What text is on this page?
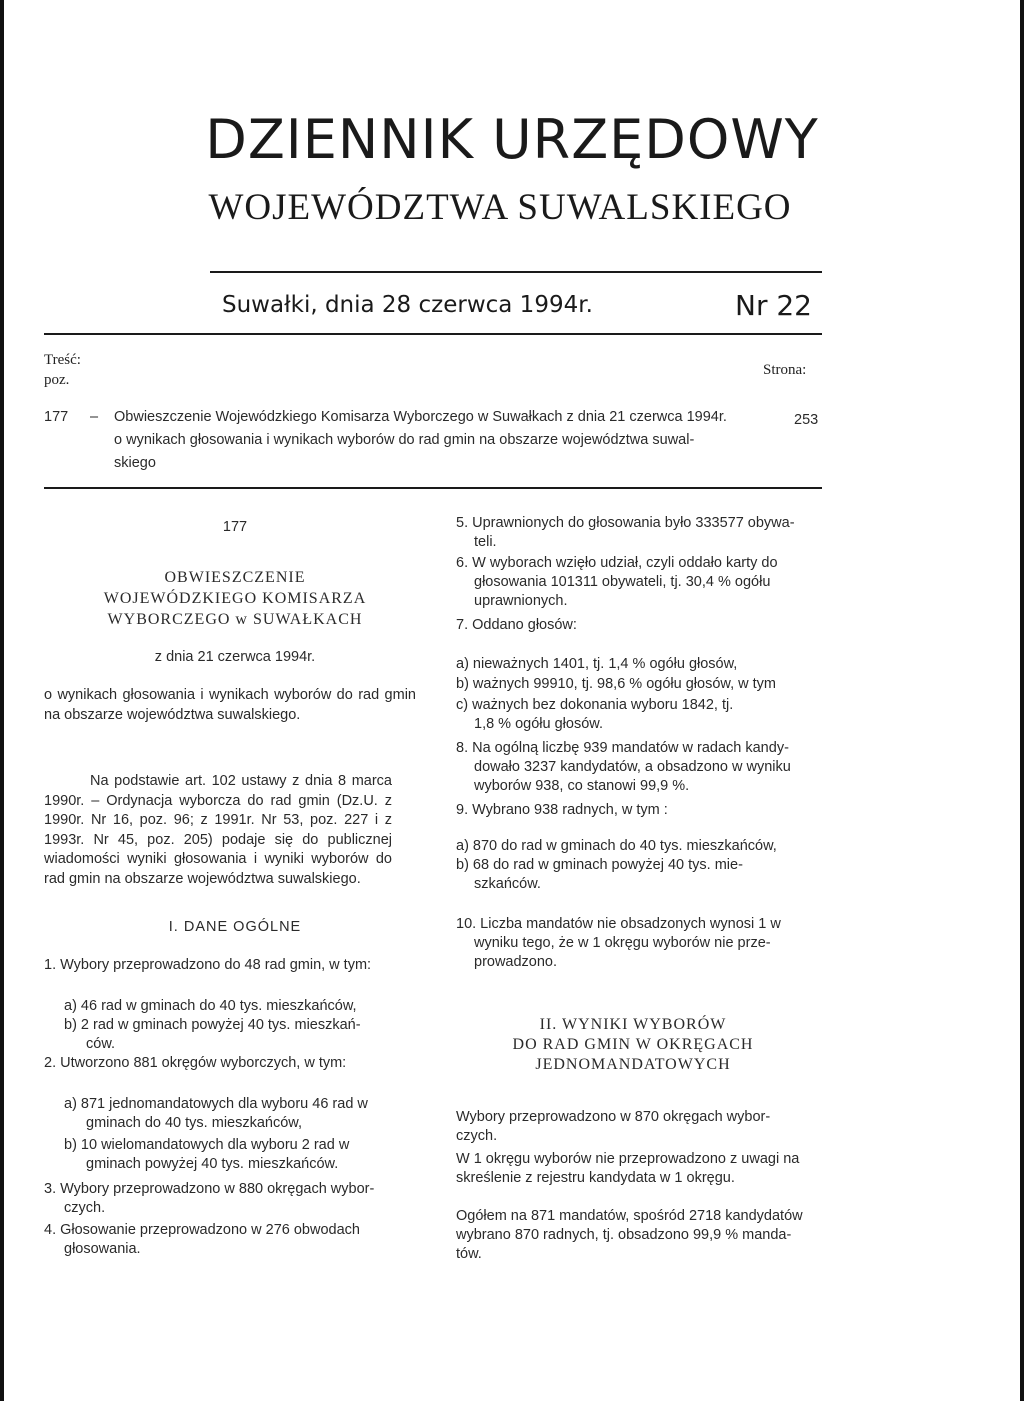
DZIENNIK URZĘDOWY
WOJEWÓDZTWA SUWALSKIEGO
Suwałki, dnia 28 czerwca 1994r.	Nr 22
Treść:
poz.
Strona:
177 – Obwieszczenie Wojewódzkiego Komisarza Wyborczego w Suwałkach z dnia 21 czerwca 1994r.
o wynikach głosowania i wynikach wyborów do rad gmin na obszarze województwa suwal-
skiego
253
177
OBWIESZCZENIE
WOJEWÓDZKIEGO KOMISARZA
WYBORCZEGO w SUWAŁKACH
z dnia 21 czerwca 1994r.
o wynikach głosowania i wynikach wyborów do rad gmin na obszarze województwa suwalskiego.
Na podstawie art. 102 ustawy z dnia 8 marca 1990r. – Ordynacja wyborcza do rad gmin (Dz.U. z 1990r. Nr 16, poz. 96; z 1991r. Nr 53, poz. 227 i z 1993r. Nr 45, poz. 205) podaje się do publicznej wiadomości wyniki głosowania i wyniki wyborów do rad gmin na obszarze województwa suwalskiego.
I. DANE OGÓLNE
1. Wybory przeprowadzono do 48 rad gmin, w tym:
a) 46 rad w gminach do 40 tys. mieszkańców,
b) 2 rad w gminach powyżej 40 tys. mieszkań-
ców.
2. Utworzono 881 okręgów wyborczych, w tym:
a) 871 jednomandatowych dla wyboru 46 rad w
gminach do 40 tys. mieszkańców,
b) 10 wielomandatowych dla wyboru 2 rad w
gminach powyżej 40 tys. mieszkańców.
3. Wybory przeprowadzono w 880 okręgach wybor-
czych.
4. Głosowanie przeprowadzono w 276 obwodach
głosowania.
5. Uprawnionych do głosowania było 333577 obywa-
teli.
6. W wyborach wzięło udział, czyli oddało karty do
głosowania 101311 obywateli, tj. 30,4 % ogółu
uprawnionych.
7. Oddano głosów:
a) nieważnych 1401, tj. 1,4 % ogółu głosów,
b) ważnych 99910, tj. 98,6 % ogółu głosów, w tym
c) ważnych bez dokonania wyboru 1842, tj.
1,8 % ogółu głosów.
8. Na ogólną liczbę 939 mandatów w radach kandy-
dowało 3237 kandydatów, a obsadzono w wyniku
wyborów 938, co stanowi 99,9 %.
9. Wybrano 938 radnych, w tym :
a) 870 do rad w gminach do 40 tys. mieszkańców,
b) 68 do rad w gminach powyżej 40 tys. mie-
szkańców.
10. Liczba mandatów nie obsadzonych wynosi 1 w
wyniku tego, że w 1 okręgu wyborów nie prze-
prowadzono.
II. WYNIKI WYBORÓW
DO RAD GMIN W OKRĘGACH
JEDNOMANDATOWYCH
Wybory przeprowadzono w 870 okręgach wybor-
czych.
W 1 okręgu wyborów nie przeprowadzono z uwagi na
skreślenie z rejestru kandydata w 1 okręgu.
Ogółem na 871 mandatów, spośród 2718 kandydatów
wybrano 870 radnych, tj. obsadzono 99,9 % manda-
tów.
